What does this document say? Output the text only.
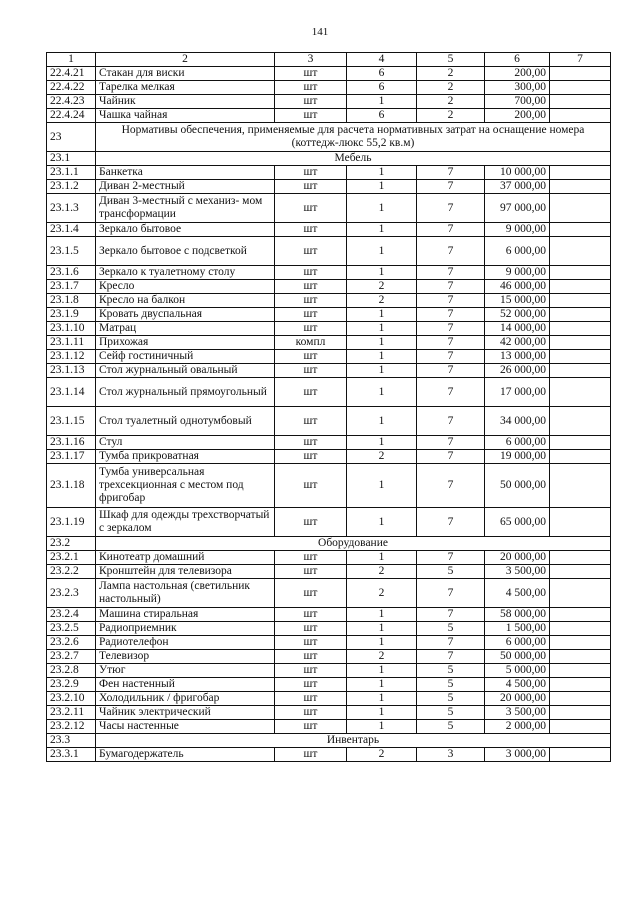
141
1	2	3	4	5	6	7
22.4.21	Стакан для виски	шт	6	2	200,00	
22.4.22	Тарелка мелкая	шт	6	2	300,00	
22.4.23	Чайник	шт	1	2	700,00	
22.4.24	Чашка чайная	шт	6	2	200,00	
23	Нормативы обеспечения, применяемые для расчета нормативных затрат на оснащение номера (коттедж-люкс 55,2 кв.м)					
23.1	Мебель					
23.1.1	Банкетка	шт	1	7	10 000,00	
23.1.2	Диван 2-местный	шт	1	7	37 000,00	
23.1.3	Диван 3-местный с механиз- мом трансформации	шт	1	7	97 000,00	
23.1.4	Зеркало бытовое	шт	1	7	9 000,00	
23.1.5	Зеркало бытовое с подсветкой	шт	1	7	6 000,00	
23.1.6	Зеркало к туалетному столу	шт	1	7	9 000,00	
23.1.7	Кресло	шт	2	7	46 000,00	
23.1.8	Кресло на балкон	шт	2	7	15 000,00	
23.1.9	Кровать двуспальная	шт	1	7	52 000,00	
23.1.10	Матрац	шт	1	7	14 000,00	
23.1.11	Прихожая	компл	1	7	42 000,00	
23.1.12	Сейф гостиничный	шт	1	7	13 000,00	
23.1.13	Стол журнальный овальный	шт	1	7	26 000,00	
23.1.14	Стол журнальный прямоугольный	шт	1	7	17 000,00	
23.1.15	Стол туалетный однотумбовый	шт	1	7	34 000,00	
23.1.16	Стул	шт	1	7	6 000,00	
23.1.17	Тумба прикроватная	шт	2	7	19 000,00	
23.1.18	Тумба универсальная трехсекционная с местом под фригобар	шт	1	7	50 000,00	
23.1.19	Шкаф для одежды трехстворчатый с зеркалом	шт	1	7	65 000,00	
23.2	Оборудование					
23.2.1	Кинотеатр домашний	шт	1	7	20 000,00	
23.2.2	Кронштейн для телевизора	шт	2	5	3 500,00	
23.2.3	Лампа настольная (светильник настольный)	шт	2	7	4 500,00	
23.2.4	Машина стиральная	шт	1	7	58 000,00	
23.2.5	Радиоприемник	шт	1	5	1 500,00	
23.2.6	Радиотелефон	шт	1	7	6 000,00	
23.2.7	Телевизор	шт	2	7	50 000,00	
23.2.8	Утюг	шт	1	5	5 000,00	
23.2.9	Фен настенный	шт	1	5	4 500,00	
23.2.10	Холодильник / фригобар	шт	1	5	20 000,00	
23.2.11	Чайник электрический	шт	1	5	3 500,00	
23.2.12	Часы настенные	шт	1	5	2 000,00	
23.3	Инвентарь					
23.3.1	Бумагодержатель	шт	2	3	3 000,00	
